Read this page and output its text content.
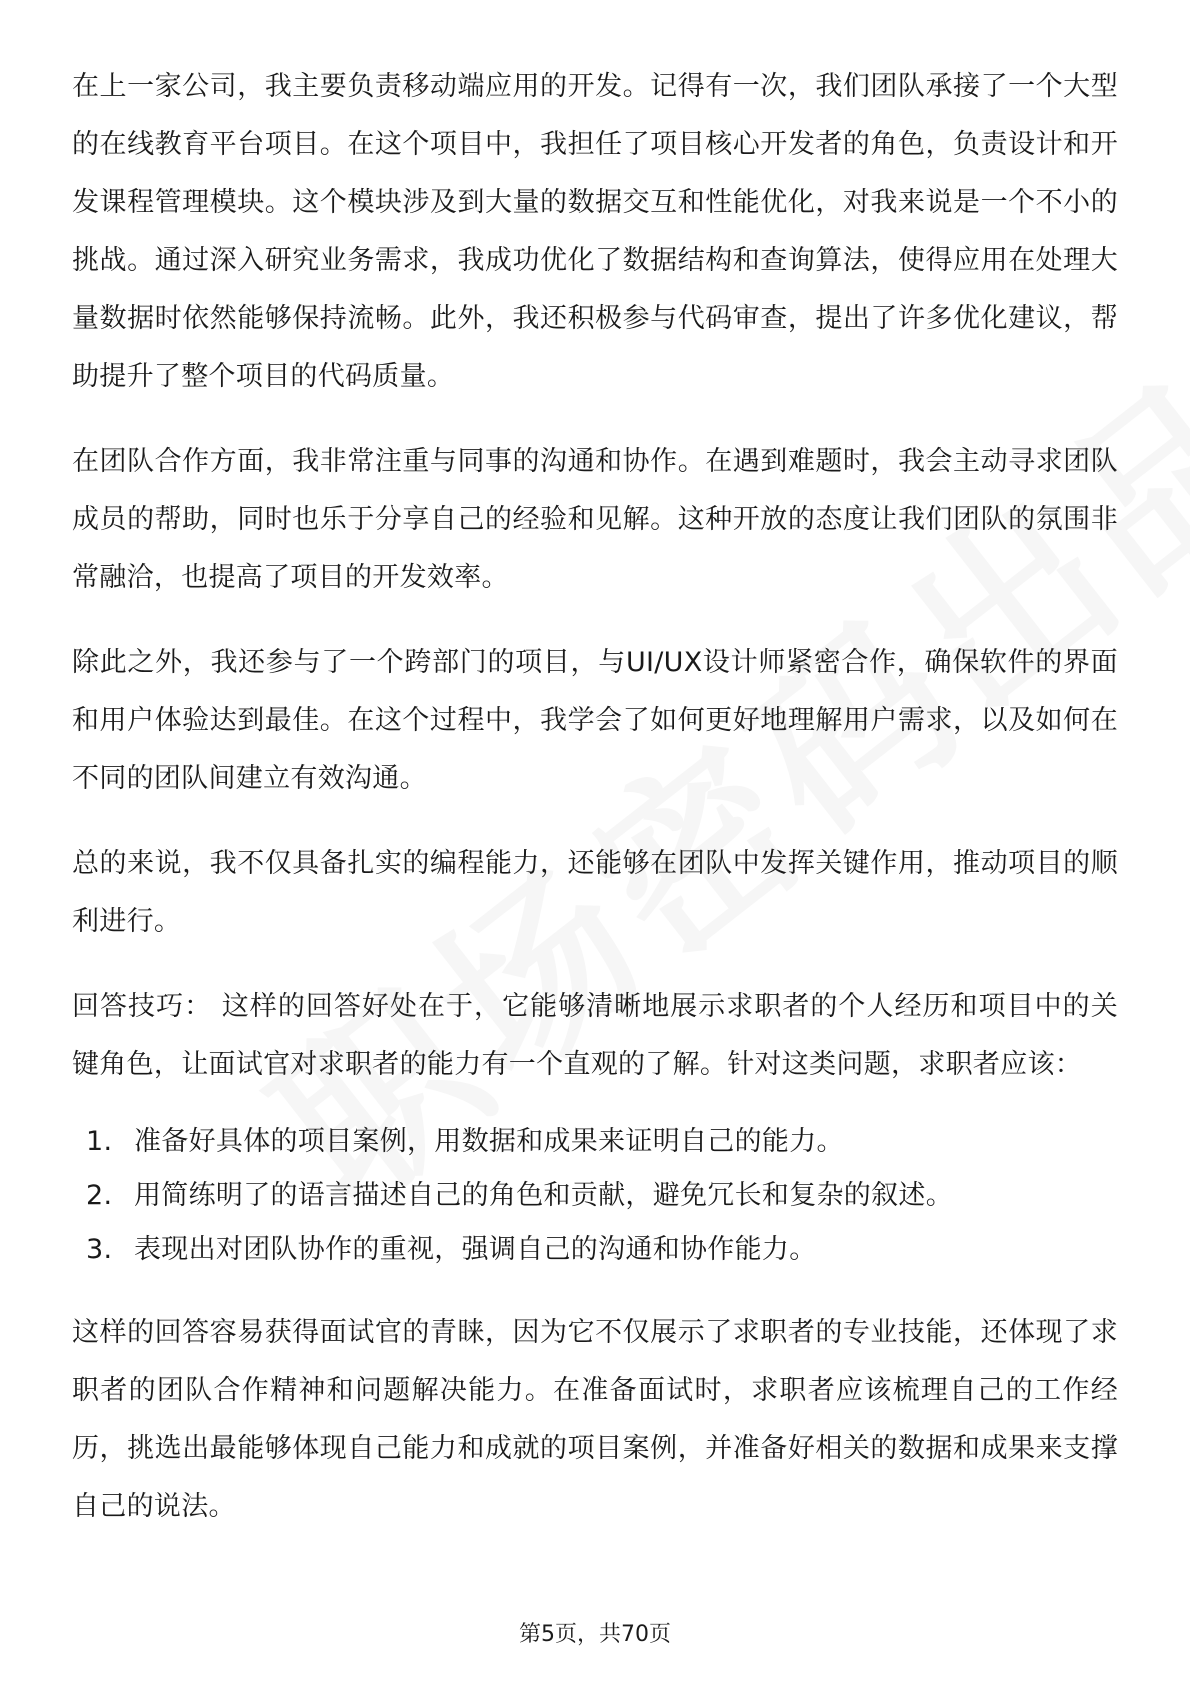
在上一家公司，我主要负责移动端应用的开发。记得有一次，我们团队承接了一个大型的在线教育平台项目。在这个项目中，我担任了项目核心开发者的角色，负责设计和开发课程管理模块。这个模块涉及到大量的数据交互和性能优化，对我来说是一个不小的挑战。通过深入研究业务需求，我成功优化了数据结构和查询算法，使得应用在处理大量数据时依然能够保持流畅。此外，我还积极参与代码审查，提出了许多优化建议，帮助提升了整个项目的代码质量。

在团队合作方面，我非常注重与同事的沟通和协作。在遇到难题时，我会主动寻求团队成员的帮助，同时也乐于分享自己的经验和见解。这种开放的态度让我们团队的氛围非常融洽，也提高了项目的开发效率。

除此之外，我还参与了一个跨部门的项目，与UI/UX设计师紧密合作，确保软件的界面和用户体验达到最佳。在这个过程中，我学会了如何更好地理解用户需求，以及如何在不同的团队间建立有效沟通。

总的来说，我不仅具备扎实的编程能力，还能够在团队中发挥关键作用，推动项目的顺利进行。

回答技巧： 这样的回答好处在于，它能够清晰地展示求职者的个人经历和项目中的关键角色，让面试官对求职者的能力有一个直观的了解。针对这类问题，求职者应该：

1. 准备好具体的项目案例，用数据和成果来证明自己的能力。
2. 用简练明了的语言描述自己的角色和贡献，避免冗长和复杂的叙述。
3. 表现出对团队协作的重视，强调自己的沟通和协作能力。

这样的回答容易获得面试官的青睐，因为它不仅展示了求职者的专业技能，还体现了求职者的团队合作精神和问题解决能力。在准备面试时，求职者应该梳理自己的工作经历，挑选出最能够体现自己能力和成就的项目案例，并准备好相关的数据和成果来支撑自己的说法。

第5页，共70页
